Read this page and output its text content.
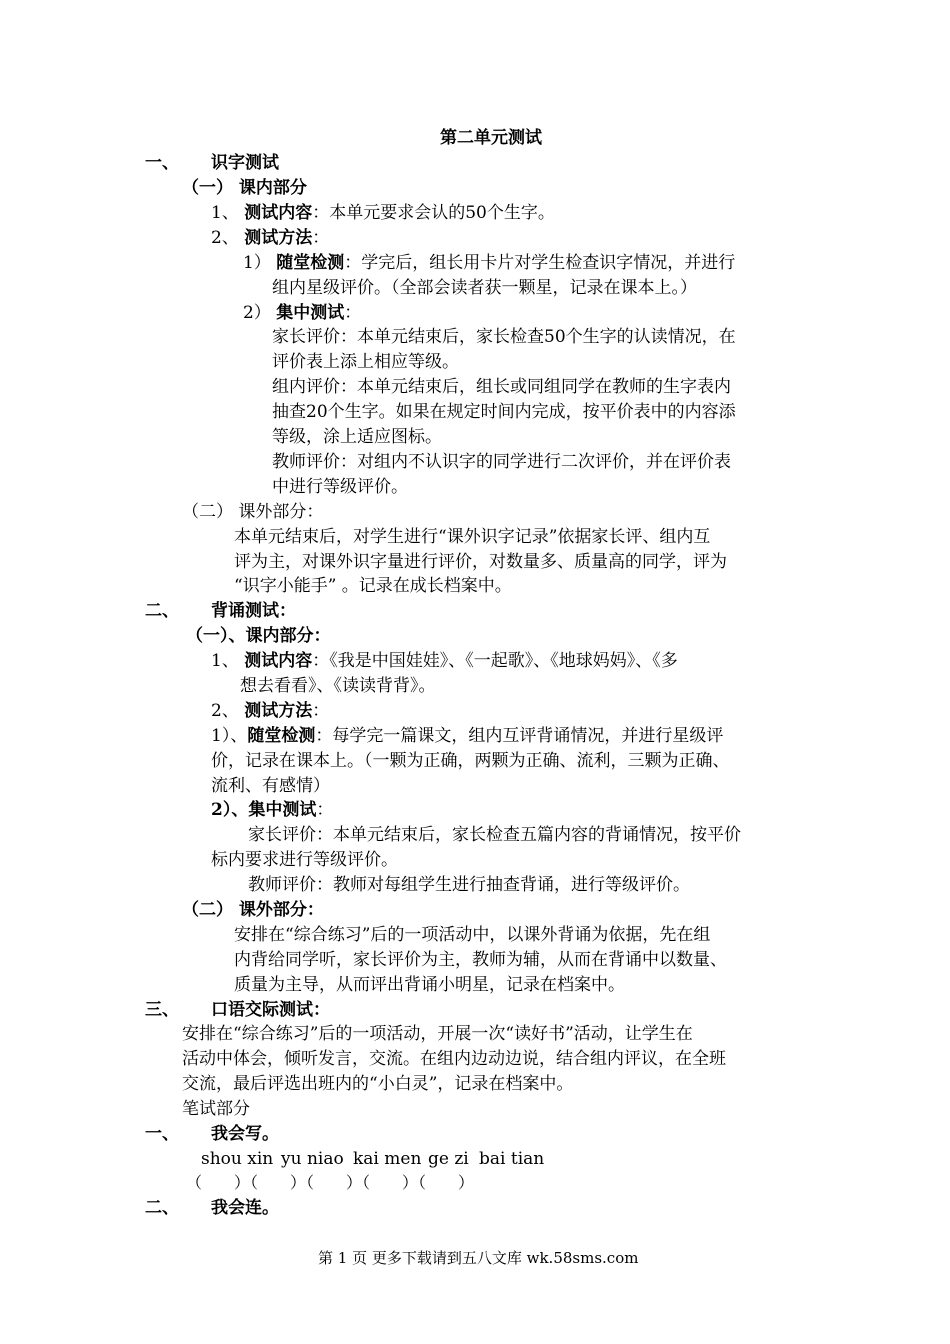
第二单元测试
一、 识字测试
（一） 课内部分
1、 测试内容：本单元要求会认的50个生字。
2、 测试方法：
1） 随堂检测：学完后，组长用卡片对学生检查识字情况，并进行
组内星级评价。（全部会读者获一颗星，记录在课本上。）
2） 集中测试：
家长评价：本单元结束后，家长检查50个生字的认读情况，在
评价表上添上相应等级。
组内评价：本单元结束后，组长或同组同学在教师的生字表内
抽查20个生字。如果在规定时间内完成，按平价表中的内容添
等级，涂上适应图标。
教师评价：对组内不认识字的同学进行二次评价，并在评价表
中进行等级评价。
（二） 课外部分：
本单元结束后，对学生进行“课外识字记录”依据家长评、组内互
评为主，对课外识字量进行评价，对数量多、质量高的同学，评为
“识字小能手” 。记录在成长档案中。
二、 背诵测试：
（一）、课内部分：
1、 测试内容：《我是中国娃娃》、《一起歌》、《地球妈妈》、《多
想去看看》、《读读背背》。
2、 测试方法：
1）、随堂检测：每学完一篇课文，组内互评背诵情况，并进行星级评
价，记录在课本上。（一颗为正确，两颗为正确、流利，三颗为正确、
流利、有感情）
2）、集中测试：
家长评价：本单元结束后，家长检查五篇内容的背诵情况，按平价
标内要求进行等级评价。
教师评价：教师对每组学生进行抽查背诵，进行等级评价。
（二） 课外部分：
安排在“综合练习”后的一项活动中，以课外背诵为依据，先在组
内背给同学听，家长评价为主，教师为辅，从而在背诵中以数量、
质量为主导，从而评出背诵小明星，记录在档案中。
三、 口语交际测试：
安排在“综合练习”后的一项活动，开展一次“读好书”活动，让学生在
活动中体会，倾听发言，交流。在组内边动边说，结合组内评议，在全班
交流，最后评选出班内的“小白灵”，记录在档案中。
笔试部分
一、 我会写。
shou xin yu niao kai men ge zi bai tian
（　　）（　　）（　　）（　　）（　　）
二、 我会连。
第 1 页 更多下载请到五八文库 wk.58sms.com
